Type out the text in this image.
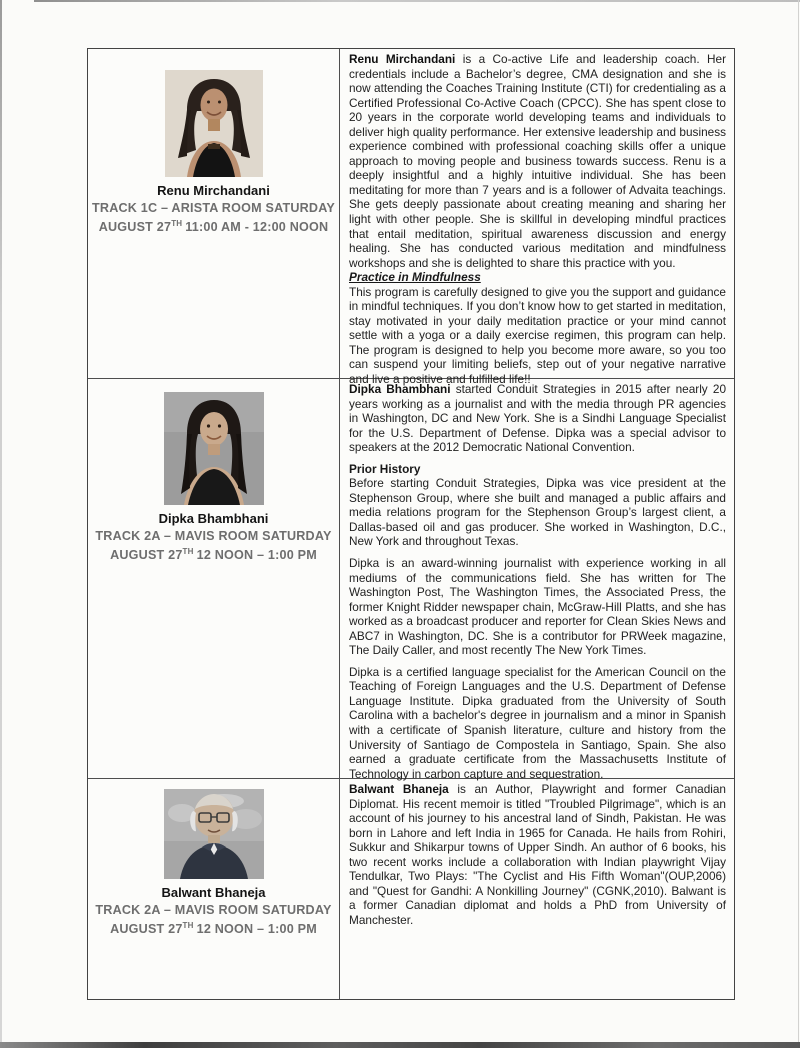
Renu Mirchandani
TRACK 1C – ARISTA ROOM SATURDAY
AUGUST 27TH 11:00 AM - 12:00 NOON

Renu Mirchandani is a Co-active Life and leadership coach. Her credentials include a Bachelor’s degree, CMA designation and she is now attending the Coaches Training Institute (CTI) for credentialing as a Certified Professional Co-Active Coach (CPCC). She has spent close to 20 years in the corporate world developing teams and individuals to deliver high quality performance. Her extensive leadership and business experience combined with professional coaching skills offer a unique approach to moving people and business towards success. Renu is a deeply insightful and a highly intuitive individual. She has been meditating for more than 7 years and is a follower of Advaita teachings. She gets deeply passionate about creating meaning and sharing her light with other people. She is skillful in developing mindful practices that entail meditation, spiritual awareness discussion and energy healing. She has conducted various meditation and mindfulness workshops and she is delighted to share this practice with you.

Practice in Mindfulness

This program is carefully designed to give you the support and guidance in mindful techniques. If you don’t know how to get started in meditation, stay motivated in your daily meditation practice or your mind cannot settle with a yoga or a daily exercise regimen, this program can help. The program is designed to help you become more aware, so you too can suspend your limiting beliefs, step out of your negative narrative and live a positive and fulfilled life!!

Dipka Bhambhani
TRACK 2A – MAVIS ROOM SATURDAY
AUGUST 27TH 12 NOON – 1:00 PM

Dipka Bhambhani started Conduit Strategies in 2015 after nearly 20 years working as a journalist and with the media through PR agencies in Washington, DC and New York. She is a Sindhi Language Specialist for the U.S. Department of Defense. Dipka was a special advisor to speakers at the 2012 Democratic National Convention.

Prior History

Before starting Conduit Strategies, Dipka was vice president at the Stephenson Group, where she built and managed a public affairs and media relations program for the Stephenson Group’s largest client, a Dallas-based oil and gas producer. She worked in Washington, D.C., New York and throughout Texas.

Dipka is an award-winning journalist with experience working in all mediums of the communications field. She has written for The Washington Post, The Washington Times, the Associated Press, the former Knight Ridder newspaper chain, McGraw-Hill Platts, and she has worked as a broadcast producer and reporter for Clean Skies News and ABC7 in Washington, DC. She is a contributor for PRWeek magazine, The Daily Caller, and most recently The New York Times.

Dipka is a certified language specialist for the American Council on the Teaching of Foreign Languages and the U.S. Department of Defense Language Institute. Dipka graduated from the University of South Carolina with a bachelor's degree in journalism and a minor in Spanish with a certificate of Spanish literature, culture and history from the University of Santiago de Compostela in Santiago, Spain. She also earned a graduate certificate from the Massachusetts Institute of Technology in carbon capture and sequestration.

Balwant Bhaneja
TRACK 2A – MAVIS ROOM SATURDAY
AUGUST 27TH 12 NOON – 1:00 PM

Balwant Bhaneja is an Author, Playwright and former Canadian Diplomat. His recent memoir is titled "Troubled Pilgrimage", which is an account of his journey to his ancestral land of Sindh, Pakistan. He was born in Lahore and left India in 1965 for Canada. He hails from Rohiri, Sukkur and Shikarpur towns of Upper Sindh. An author of 6 books, his two recent works include a collaboration with Indian playwright Vijay Tendulkar, Two Plays: "The Cyclist and His Fifth Woman"(OUP,2006) and "Quest for Gandhi: A Nonkilling Journey" (CGNK,2010). Balwant is a former Canadian diplomat and holds a PhD from University of Manchester.
